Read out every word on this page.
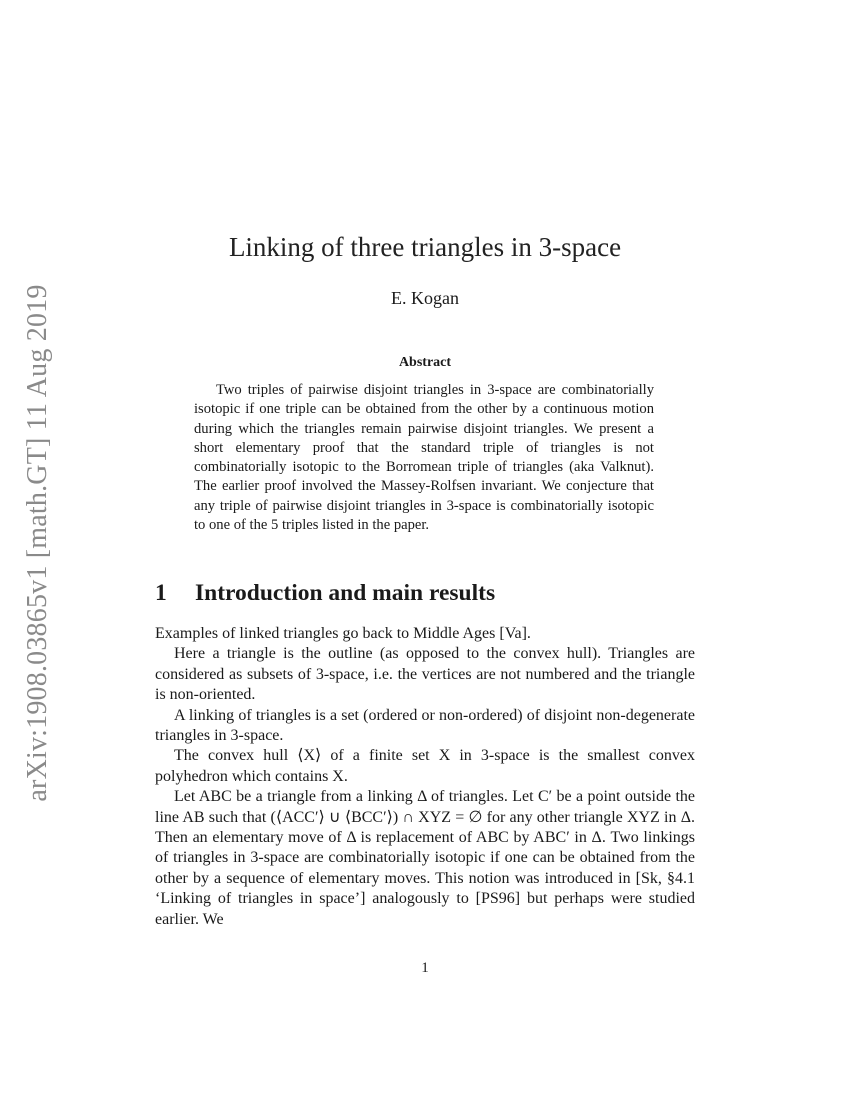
arXiv:1908.03865v1 [math.GT] 11 Aug 2019
Linking of three triangles in 3-space
E. Kogan
Abstract

Two triples of pairwise disjoint triangles in 3-space are combinatorially isotopic if one triple can be obtained from the other by a continuous motion during which the triangles remain pairwise disjoint triangles. We present a short elementary proof that the standard triple of triangles is not combinatorially isotopic to the Borromean triple of triangles (aka Valknut). The earlier proof involved the Massey-Rolfsen invariant. We conjecture that any triple of pairwise disjoint triangles in 3-space is combinatorially isotopic to one of the 5 triples listed in the paper.

1 Introduction and main results

Examples of linked triangles go back to Middle Ages [Va].

Here a triangle is the outline (as opposed to the convex hull). Triangles are considered as subsets of 3-space, i.e. the vertices are not numbered and the triangle is non-oriented.

A linking of triangles is a set (ordered or non-ordered) of disjoint non-degenerate triangles in 3-space.

The convex hull ⟨X⟩ of a finite set X in 3-space is the smallest convex polyhedron which contains X.

Let ABC be a triangle from a linking Δ of triangles. Let C′ be a point outside the line AB such that (⟨ACC′⟩ ∪ ⟨BCC′⟩) ∩ XYZ = ∅ for any other triangle XYZ in Δ. Then an elementary move of Δ is replacement of ABC by ABC′ in Δ. Two linkings of triangles in 3-space are combinatorially isotopic if one can be obtained from the other by a sequence of elementary moves. This notion was introduced in [Sk, §4.1 ‘Linking of triangles in space’] analogously to [PS96] but perhaps were studied earlier. We

1
